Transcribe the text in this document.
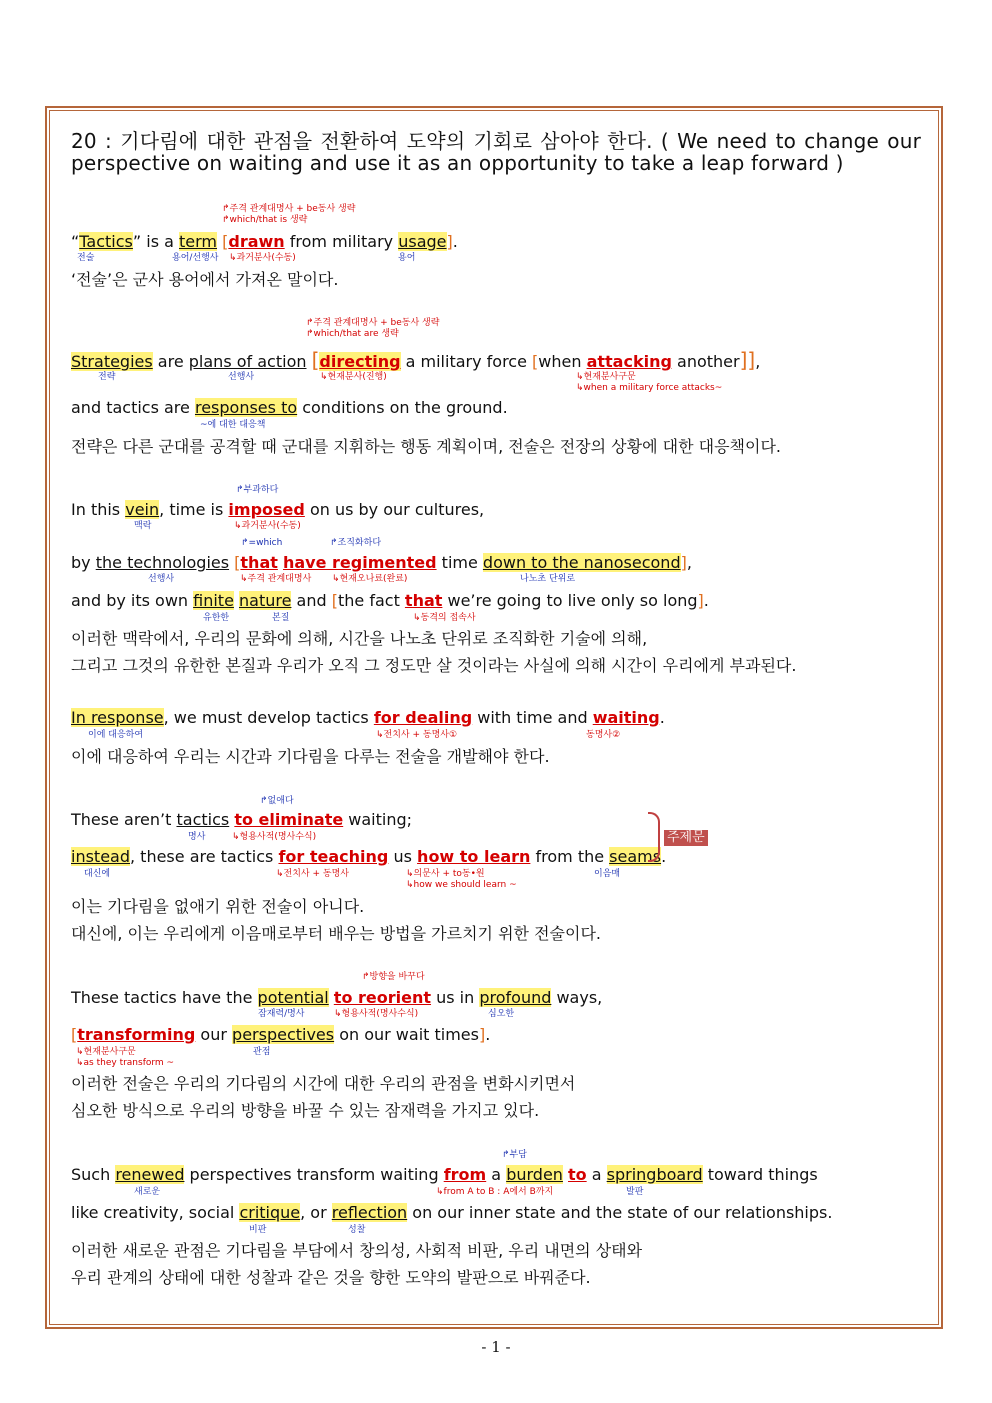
20 : 기다림에 대한 관점을 전환하여 도약의 기회로 삼아야 한다. ( We need to change our perspective on waiting and use it as an opportunity to take a leap forward )
↱주격 관계대명사 + be동사 생략
↱which/that is 생략
“Tactics” is a term [drawn from military usage].
전술	용어/선행사 ↳과거분사(수동)	용어
‘전술’은 군사 용어에서 가져온 말이다.
↱주격 관계대명사 + be동사 생략
↱which/that are 생략
Strategies are plans of action [directing a military force [when attacking another]],
전략	선행사	↳현재분사(진행)	↳현재분사구문
↳when a military force attacks~
and tactics are responses to conditions on the ground.
~에 대한 대응책
전략은 다른 군대를 공격할 때 군대를 지휘하는 행동 계획이며, 전술은 전장의 상황에 대한 대응책이다.
↱부과하다
In this vein, time is imposed on us by our cultures,
맥락	↳과거분사(수동)
↱=which	↱조직화하다
by the technologies [that have regimented time down to the nanosecond],
선행사	↳주격 관계대명사 ↳현재오나료(완료)	나노초 단위로
and by its own finite nature and [the fact that we’re going to live only so long].
유한한	본질	↳동격의 접속사
이러한 맥락에서, 우리의 문화에 의해, 시간을 나노초 단위로 조직화한 기술에 의해,
그리고 그것의 유한한 본질과 우리가 오직 그 정도만 살 것이라는 사실에 의해 시간이 우리에게 부과된다.
In response, we must develop tactics for dealing with time and waiting.
이에 대응하여	↳전치사 + 동명사①	동명사②
이에 대응하여 우리는 시간과 기다림을 다루는 전술을 개발해야 한다.
↱없애다
These aren’t tactics to eliminate waiting;
명사	↳형용사적(명사수식)
instead, these are tactics for teaching us how to learn from the seams.
주제문
대신에	↳전치사 + 동명사	↳의문사 + to동•원
↳how we should learn ~
이음매
이는 기다림을 없애기 위한 전술이 아니다.
대신에, 이는 우리에게 이음매로부터 배우는 방법을 가르치기 위한 전술이다.
↱방향을 바꾸다
These tactics have the potential to reorient us in profound ways,
잠재력/명사	↳형용사적(명사수식)	심오한
[transforming our perspectives on our wait times].
↳현재분사구문
↳as they transform ~
관점
이러한 전술은 우리의 기다림의 시간에 대한 우리의 관점을 변화시키면서
심오한 방식으로 우리의 방향을 바꿀 수 있는 잠재력을 가지고 있다.
↱부담
Such renewed perspectives transform waiting from a burden to a springboard toward things
새로운	↳from A to B : A에서 B까지	발판
like creativity, social critique, or reflection on our inner state and the state of our relationships.
비판	성찰
이러한 새로운 관점은 기다림을 부담에서 창의성, 사회적 비판, 우리 내면의 상태와
우리 관계의 상태에 대한 성찰과 같은 것을 향한 도약의 발판으로 바꿔준다.
- 1 -
